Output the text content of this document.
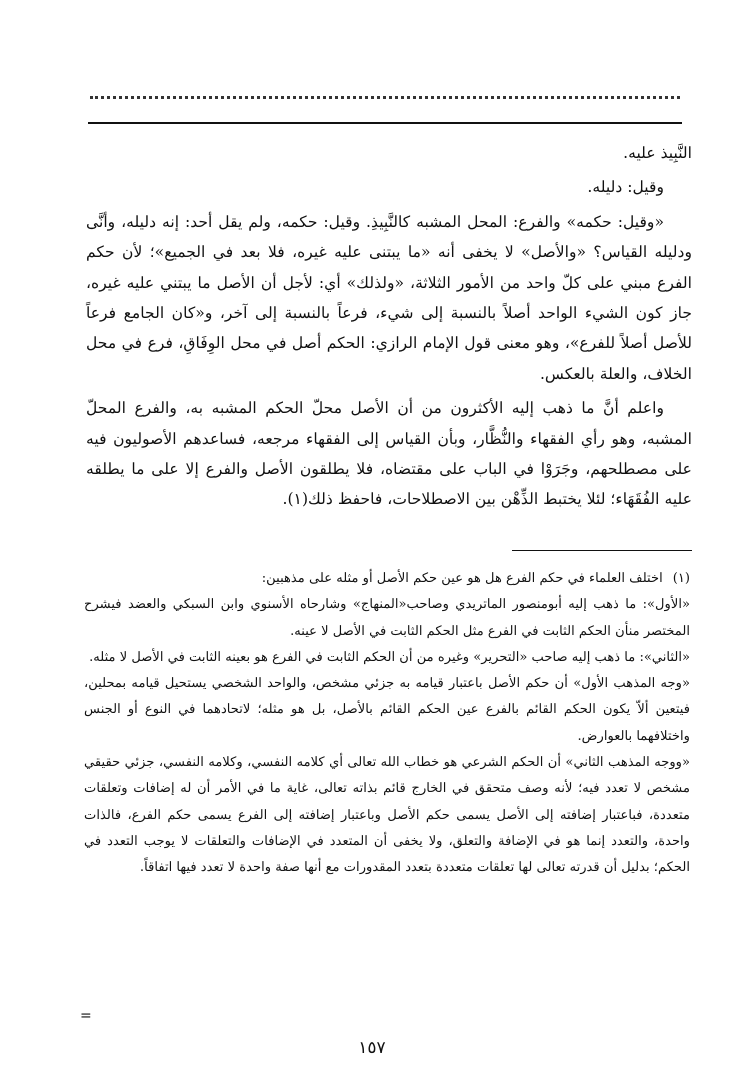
النَّبِيذ عليه.

وقيل: دليله.

«وقيل: حكمه» والفرع: المحل المشبه كالنَّبِيذِ. وقيل: حكمه، ولم يقل أحد: إنه دليله، وأنَّى ودليله القياس؟ «والأصل» لا يخفى أنه «ما يبتنى عليه غيره، فلا بعد في الجميع»؛ لأن حكم الفرع مبني على كلّ واحد من الأمور الثلاثة، «ولذلك» أي: لأجل أن الأصل ما يبتني عليه غيره، جاز كون الشيء الواحد أصلاً بالنسبة إلى شيء، فرعاً بالنسبة إلى آخر، و«كان الجامع فرعاً للأصل أصلاً للفرع»، وهو معنى قول الإمام الرازي: الحكم أصل في محل الوِفَاقِ، فرع في محل الخلاف، والعلة بالعكس.

واعلم أنَّ ما ذهب إليه الأكثرون من أن الأصل محلّ الحكم المشبه به، والفرع المحلّ المشبه، وهو رأي الفقهاء والنُّظَّار، وبأن القياس إلى الفقهاء مرجعه، فساعدهم الأصوليون فيه على مصطلحهم، وجَرَوْا في الباب على مقتضاه، فلا يطلقون الأصل والفرع إلا على ما يطلقه عليه الفُقَهَاء؛ لئلا يختبط الذِّهْن بين الاصطلاحات، فاحفظ ذلك(١).

(١)
اختلف العلماء في حكم الفرع هل هو عين حكم الأصل أو مثله على مذهبين:

«الأول»: ما ذهب إليه أبومنصور الماتريدي وصاحب«المنهاج» وشارحاه الأسنوي وابن السبكي والعضد فيشرح المختصر منأن الحكم الثابت في الفرع مثل الحكم الثابت في الأصل لا عينه.

«الثاني»: ما ذهب إليه صاحب «التحرير» وغيره من أن الحكم الثابت في الفرع هو بعينه الثابت في الأصل لا مثله.

«وجه المذهب الأول» أن حكم الأصل باعتبار قيامه به جزئي مشخص، والواحد الشخصي يستحيل قيامه بمحلين، فيتعين ألاّ يكون الحكم القائم بالفرع عين الحكم القائم بالأصل، بل هو مثله؛ لاتحادهما في النوع أو الجنس واختلافهما بالعوارض.

«ووجه المذهب الثاني» أن الحكم الشرعي هو خطاب الله تعالى أي كلامه النفسي، وكلامه النفسي، جزئي حقيقي مشخص لا تعدد فيه؛ لأنه وصف متحقق في الخارج قائم بذاته تعالى، غاية ما في الأمر أن له إضافات وتعلقات متعددة، فباعتبار إضافته إلى الأصل يسمى حكم الأصل وباعتبار إضافته إلى الفرع يسمى حكم الفرع، فالذات واحدة، والتعدد إنما هو في الإضافة والتعلق، ولا يخفى أن المتعدد في الإضافات والتعلقات لا يوجب التعدد في الحكم؛ بدليل أن قدرته تعالى لها تعلقات متعددة بتعدد المقدورات مع أنها صفة واحدة لا تعدد فيها اتفاقاً.

=
١٥٧
